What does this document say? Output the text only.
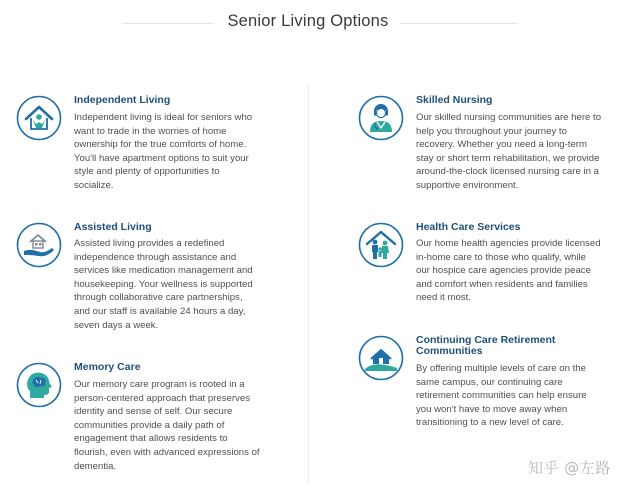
Senior Living Options
Independent Living
Independent living is ideal for seniors who want to trade in the worries of home ownership for the true comforts of home. You'll have apartment options to suit your style and plenty of opportunities to socialize.
Assisted Living
Assisted living provides a redefined independence through assistance and services like medication management and housekeeping. Your wellness is supported through collaborative care partnerships, and our staff is available 24 hours a day, seven days a week.
Memory Care
Our memory care program is rooted in a person-centered approach that preserves identity and sense of self. Our secure communities provide a daily path of engagement that allows residents to flourish, even with advanced expressions of dementia.
Skilled Nursing
Our skilled nursing communities are here to help you throughout your journey to recovery. Whether you need a long-term stay or short term rehabilitation, we provide around-the-clock licensed nursing care in a supportive environment.
Health Care Services
Our home health agencies provide licensed in-home care to those who qualify, while our hospice care agencies provide peace and comfort when residents and families need it most.
Continuing Care Retirement Communities
By offering multiple levels of care on the same campus, our continuing care retirement communities can help ensure you won't have to move away when transitioning to a new level of care.
知乎 @左路
